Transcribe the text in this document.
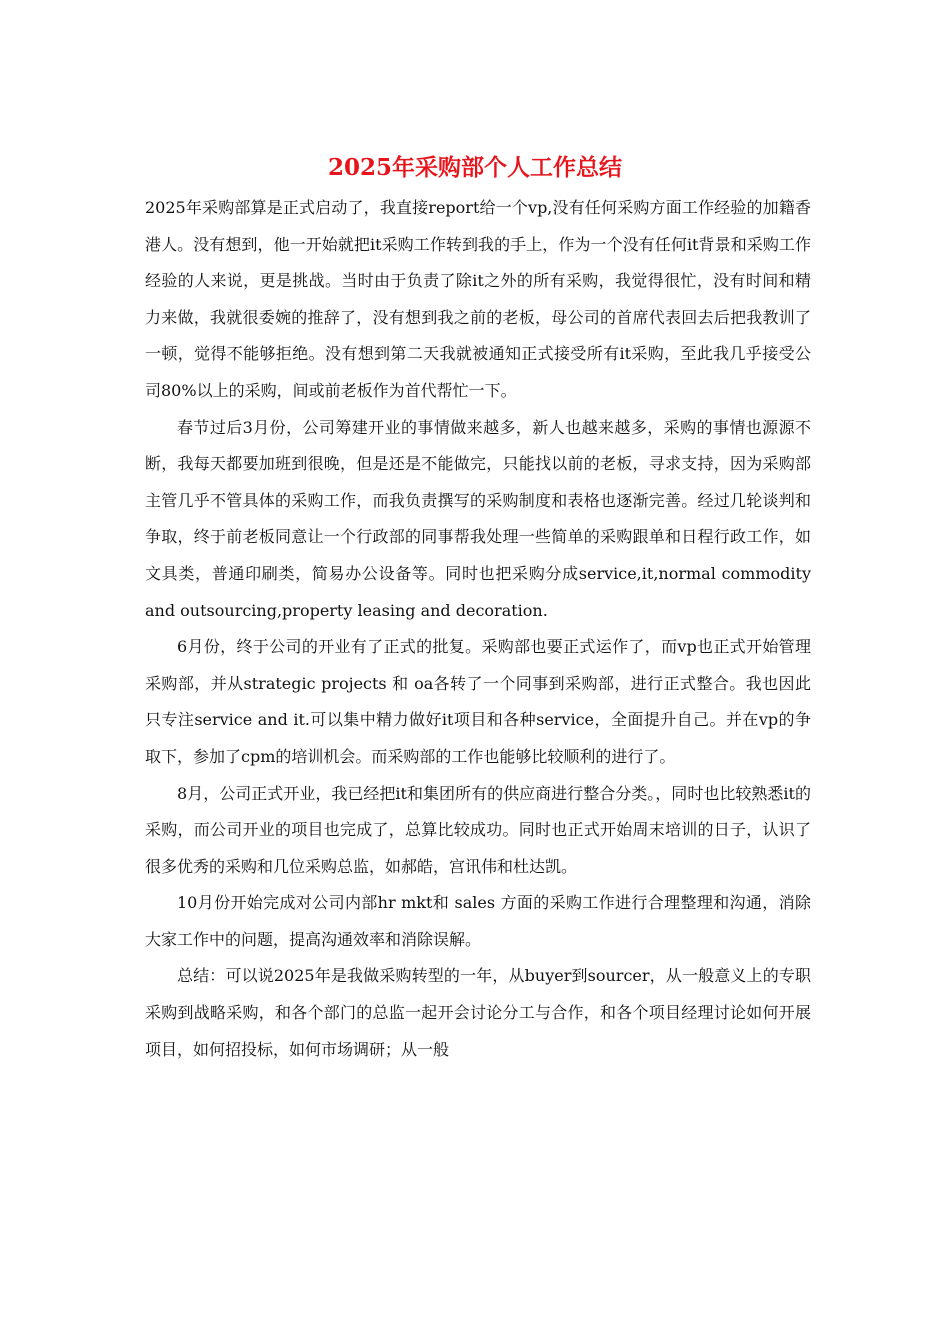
2025年采购部个人工作总结

2025年采购部算是正式启动了，我直接report给一个vp,没有任何采购方面工作经验的加籍香港人。没有想到，他一开始就把it采购工作转到我的手上，作为一个没有任何it背景和采购工作经验的人来说，更是挑战。当时由于负责了除it之外的所有采购，我觉得很忙，没有时间和精力来做，我就很委婉的推辞了，没有想到我之前的老板，母公司的首席代表回去后把我教训了一顿，觉得不能够拒绝。没有想到第二天我就被通知正式接受所有it采购，至此我几乎接受公司80%以上的采购，间或前老板作为首代帮忙一下。

春节过后3月份，公司筹建开业的事情做来越多，新人也越来越多，采购的事情也源源不断，我每天都要加班到很晚，但是还是不能做完，只能找以前的老板，寻求支持，因为采购部主管几乎不管具体的采购工作，而我负责撰写的采购制度和表格也逐渐完善。经过几轮谈判和争取，终于前老板同意让一个行政部的同事帮我处理一些简单的采购跟单和日程行政工作，如文具类，普通印刷类，简易办公设备等。同时也把采购分成service,it,normal commodity and outsourcing,property leasing and decoration.

6月份，终于公司的开业有了正式的批复。采购部也要正式运作了，而vp也正式开始管理采购部，并从strategic projects 和 oa各转了一个同事到采购部，进行正式整合。我也因此只专注service and it.可以集中精力做好it项目和各种service，全面提升自己。并在vp的争取下，参加了cpm的培训机会。而采购部的工作也能够比较顺利的进行了。

8月，公司正式开业，我已经把it和集团所有的供应商进行整合分类。，同时也比较熟悉it的采购，而公司开业的项目也完成了，总算比较成功。同时也正式开始周末培训的日子，认识了很多优秀的采购和几位采购总监，如郝皓，宫讯伟和杜达凯。

10月份开始完成对公司内部hr mkt和 sales 方面的采购工作进行合理整理和沟通，消除大家工作中的问题，提高沟通效率和消除误解。

总结：可以说2025年是我做采购转型的一年，从buyer到sourcer，从一般意义上的专职采购到战略采购，和各个部门的总监一起开会讨论分工与合作，和各个项目经理讨论如何开展项目，如何招投标，如何市场调研；从一般
